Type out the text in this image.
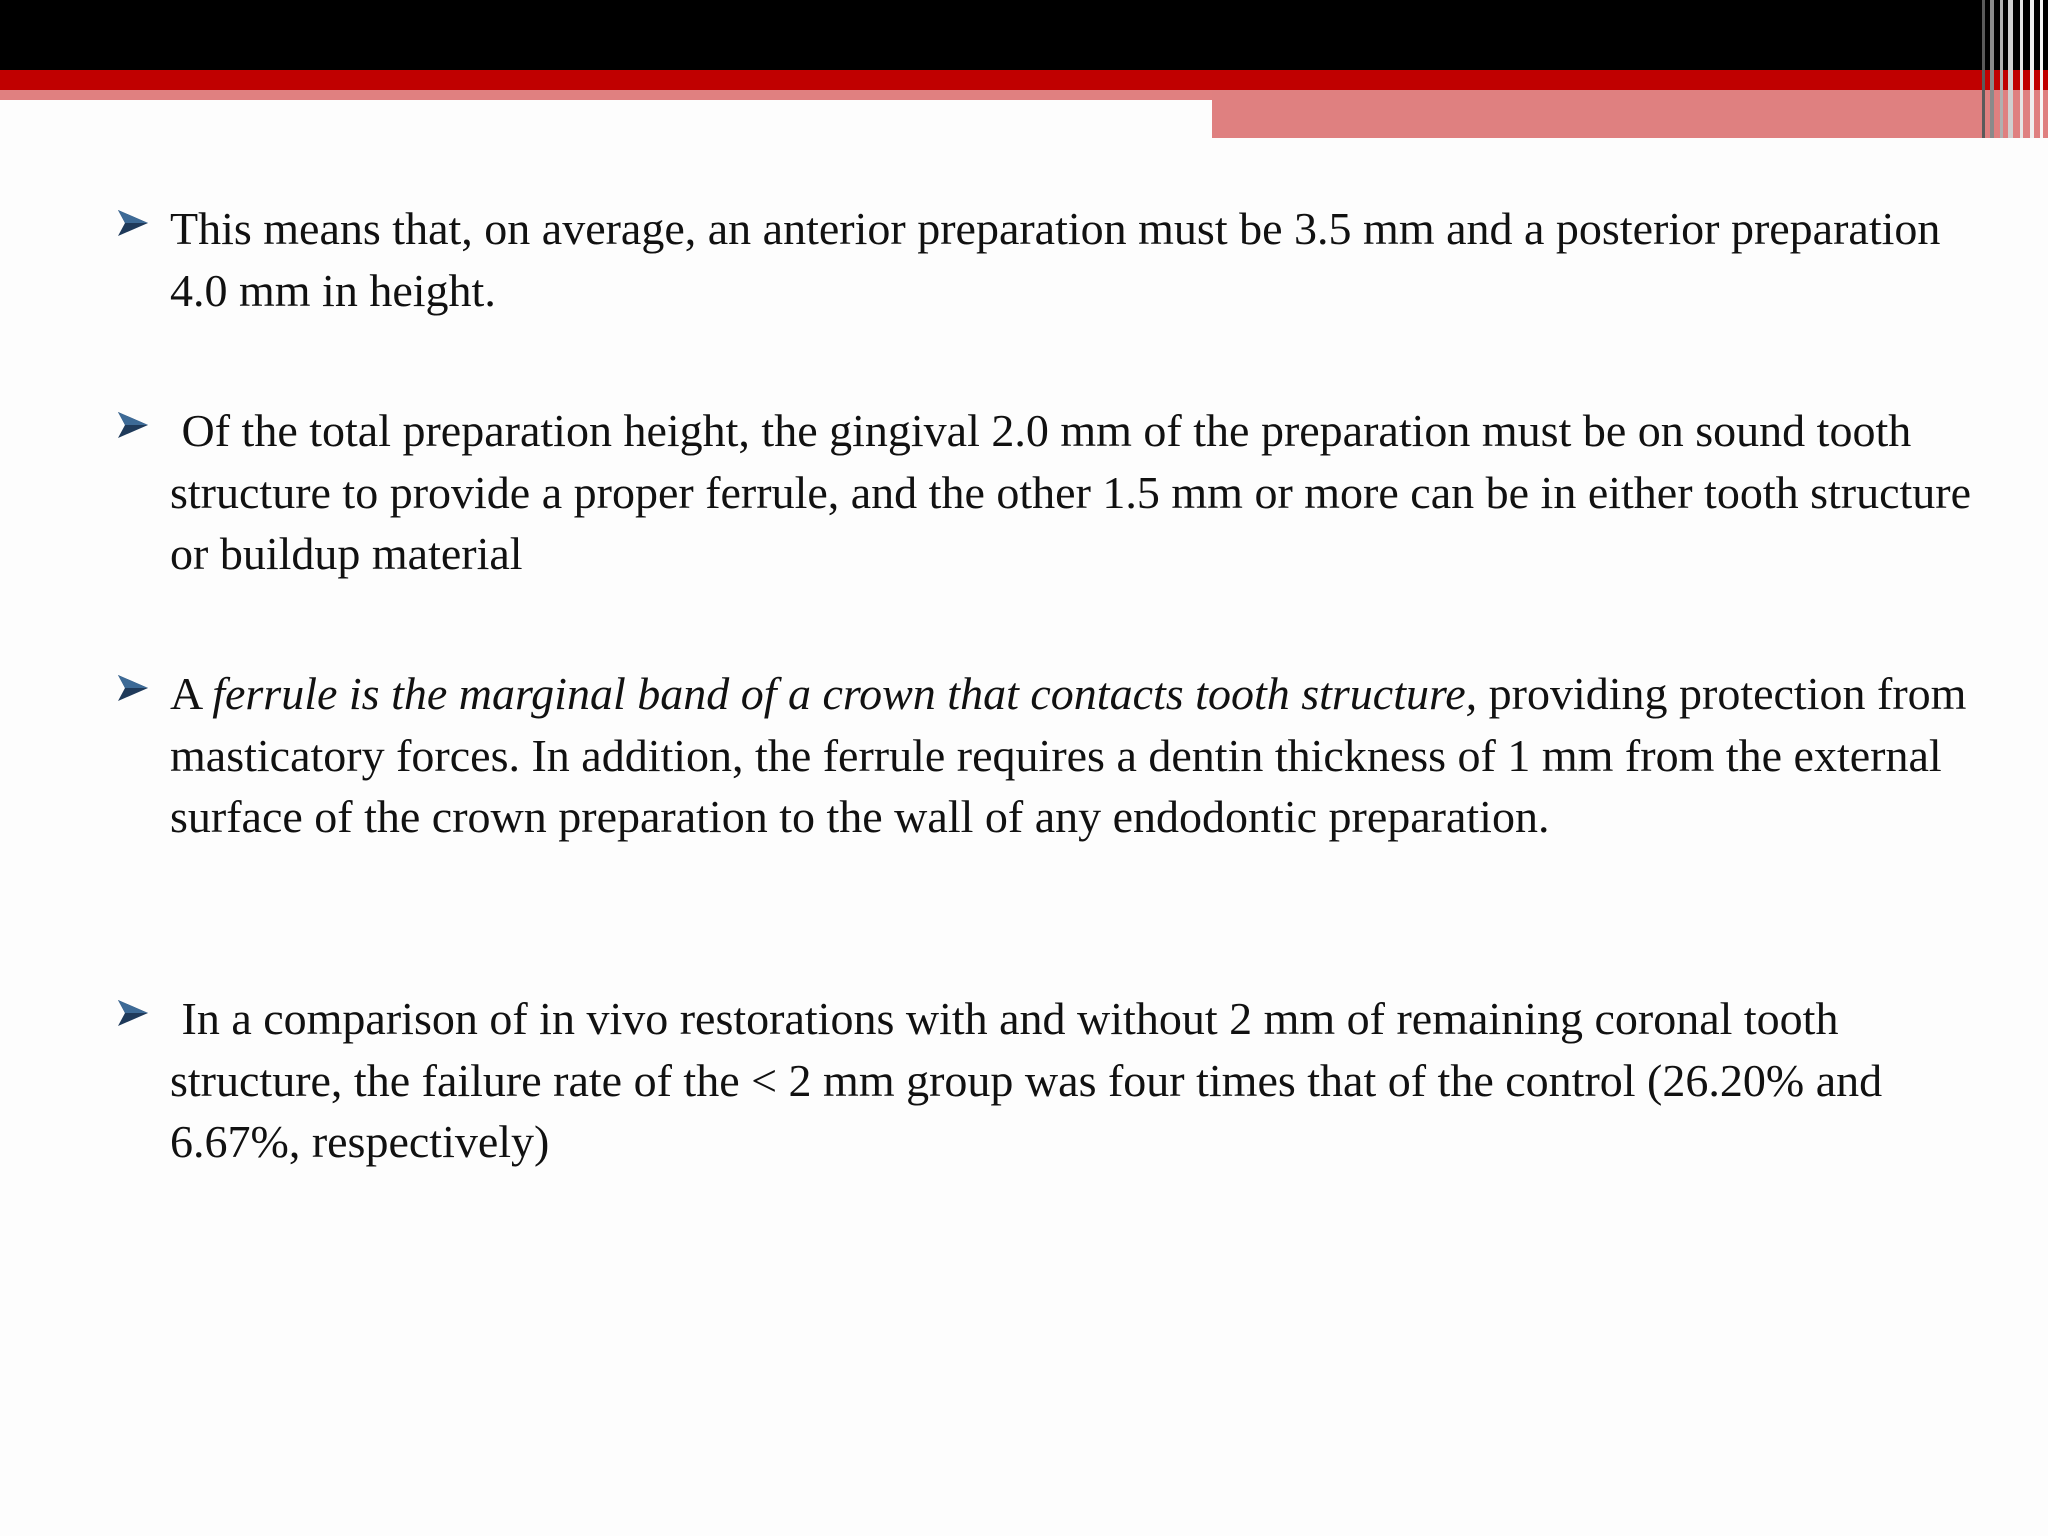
This means that, on average, an anterior preparation must be 3.5 mm and a posterior preparation 4.0 mm in height.
Of the total preparation height, the gingival 2.0 mm of the preparation must be on sound tooth structure to provide a proper ferrule, and the other 1.5 mm or more can be in either tooth structure or buildup material
A ferrule is the marginal band of a crown that contacts tooth structure, providing protection from masticatory forces. In addition, the ferrule requires a dentin thickness of 1 mm from the external surface of the crown preparation to the wall of any endodontic preparation.
In a comparison of in vivo restorations with and without 2 mm of remaining coronal tooth structure, the failure rate of the < 2 mm group was four times that of the control (26.20% and 6.67%, respectively)
